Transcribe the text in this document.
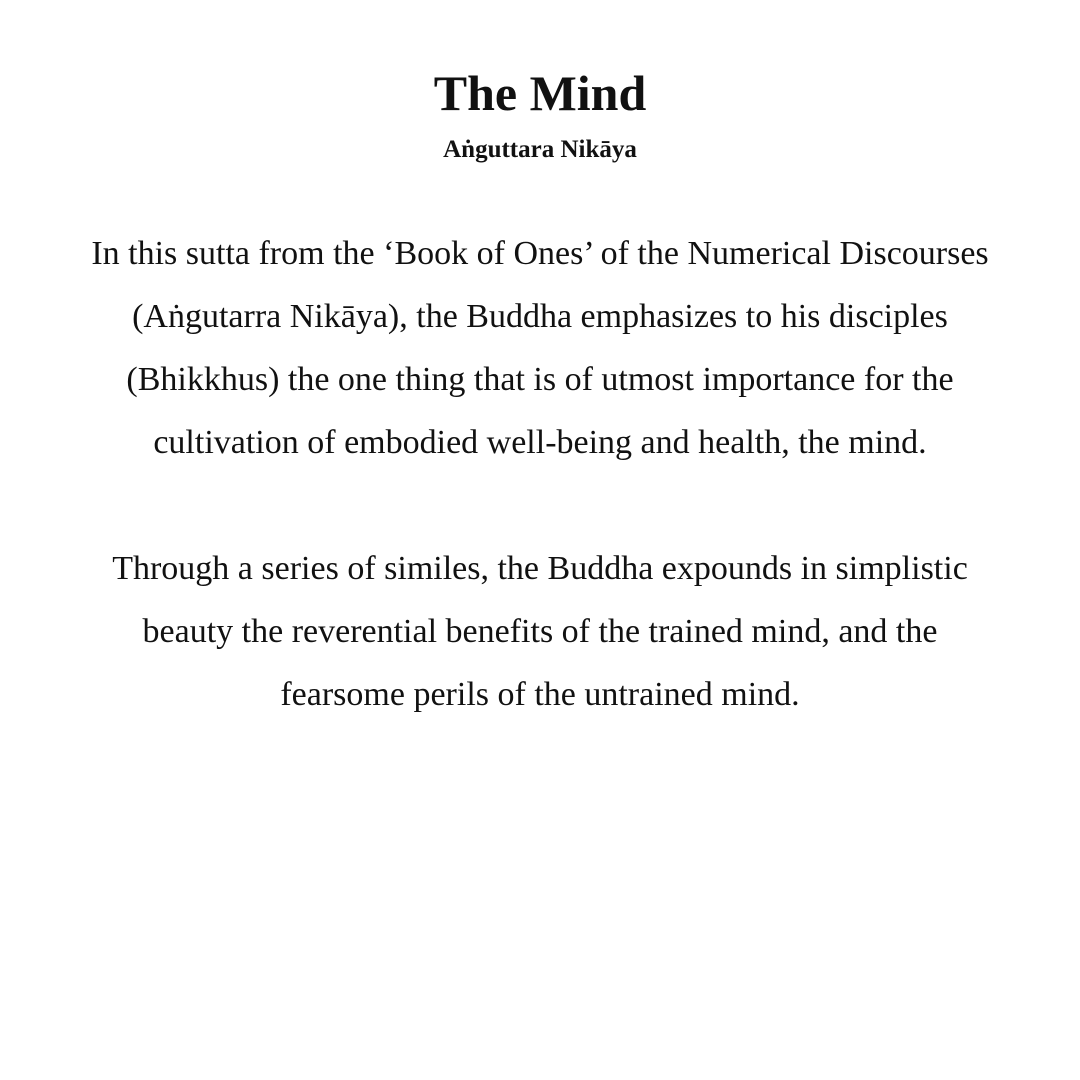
The Mind
Aṅguttara Nikāya

In this sutta from the ‘Book of Ones’ of the Numerical Discourses
(Aṅgutarra Nikāya), the Buddha emphasizes to his disciples
(Bhikkhus) the one thing that is of utmost importance for the
cultivation of embodied well-being and health, the mind.

Through a series of similes, the Buddha expounds in simplistic
beauty the reverential benefits of the trained mind, and the
fearsome perils of the untrained mind.
